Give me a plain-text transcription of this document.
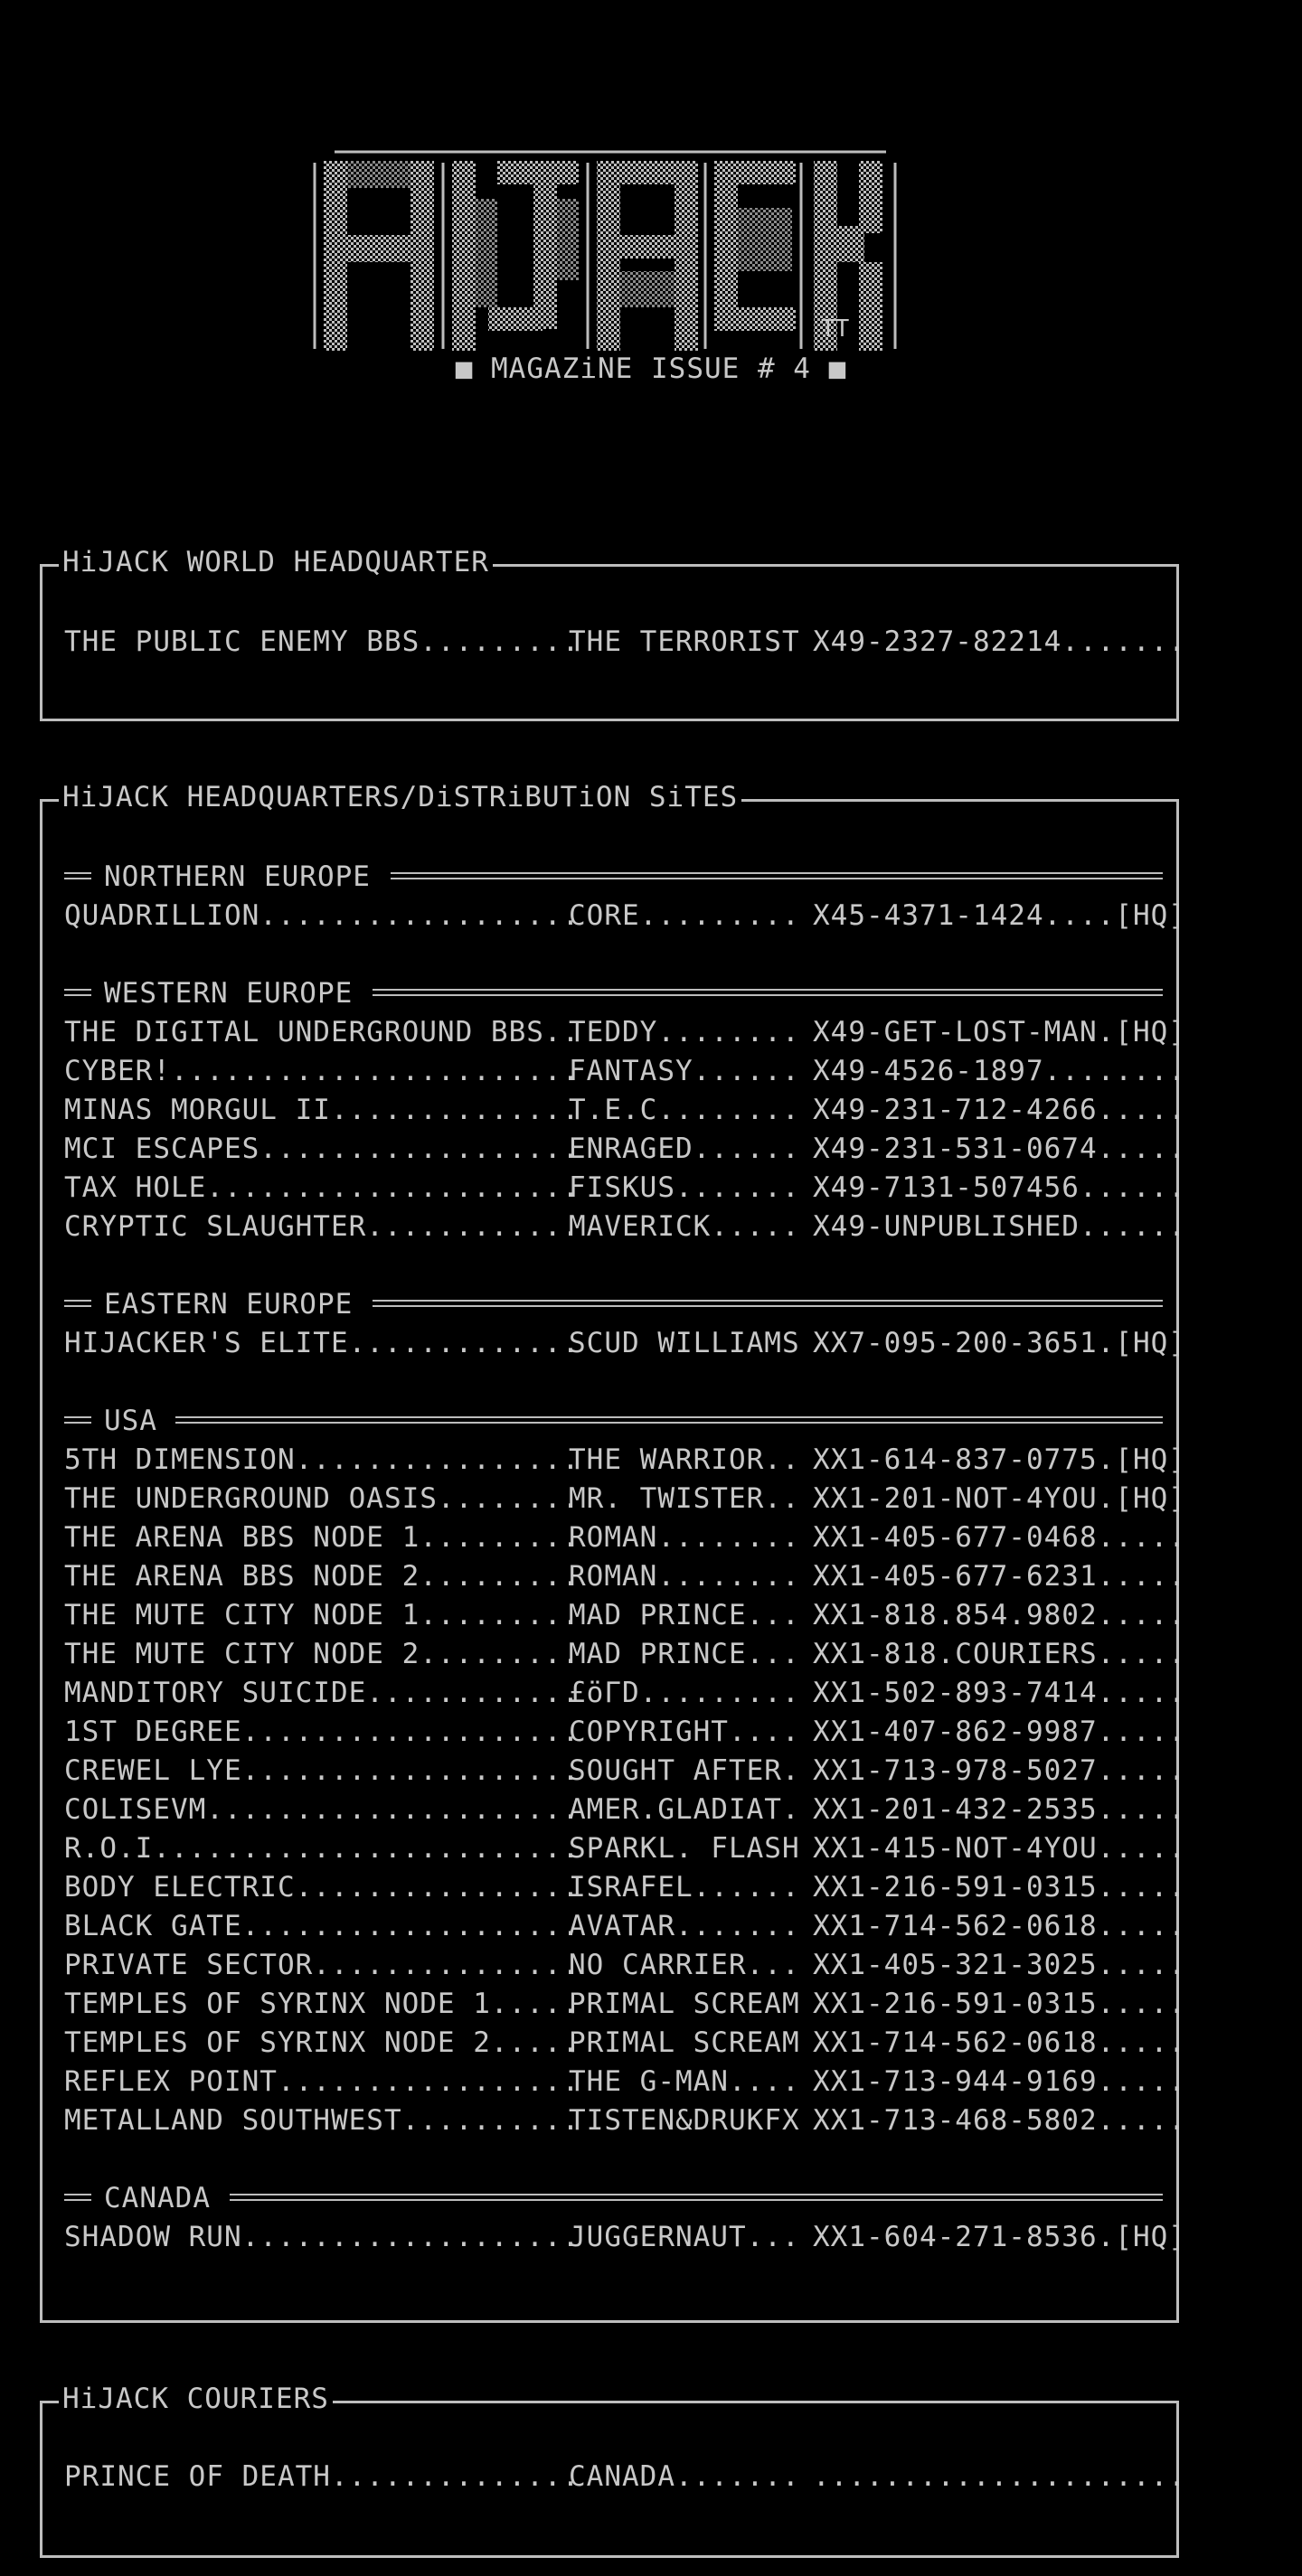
TT
■ MAGAZiNE ISSUE # 4 ■
HiJACK WORLD HEADQUARTER
THE PUBLIC ENEMY BBS.........
THE TERRORIST X49-2327-82214.......
HiJACK HEADQUARTERS/DiSTRiBUTiON SiTES
NORTHERN EUROPE
QUADRILLION..................
CORE......... X45-4371-1424....[HQ]
WESTERN EUROPE
THE DIGITAL UNDERGROUND BBS..
TEDDY........ X49-GET-LOST-MAN.[HQ]
CYBER!.......................
FANTASY...... X49-4526-1897........
MINAS MORGUL II..............
T.E.C........ X49-231-712-4266.....
MCI ESCAPES..................
ENRAGED...... X49-231-531-0674.....
TAX HOLE.....................
FISKUS....... X49-7131-507456......
CRYPTIC SLAUGHTER............
MAVERICK..... X49-UNPUBLISHED......
EASTERN EUROPE
HIJACKER'S ELITE.............
SCUD WILLIAMS XX7-095-200-3651.[HQ]
USA
5TH DIMENSION................
THE WARRIOR.. XX1-614-837-0775.[HQ]
THE UNDERGROUND OASIS........
MR. TWISTER.. XX1-201-NOT-4YOU.[HQ]
THE ARENA BBS NODE 1.........
ROMAN........ XX1-405-677-0468.....
THE ARENA BBS NODE 2.........
ROMAN........ XX1-405-677-6231.....
THE MUTE CITY NODE 1.........
MAD PRINCE... XX1-818.854.9802.....
THE MUTE CITY NODE 2.........
MAD PRINCE... XX1-818.COURIERS.....
MANDITORY SUICIDE............
£öΓD......... XX1-502-893-7414.....
1ST DEGREE...................
COPYRIGHT.... XX1-407-862-9987.....
CREWEL LYE...................
SOUGHT AFTER. XX1-713-978-5027.....
COLISEVM.....................
AMER.GLADIAT. XX1-201-432-2535.....
R.O.I........................
SPARKL. FLASH XX1-415-NOT-4YOU.....
BODY ELECTRIC................
ISRAFEL...... XX1-216-591-0315.....
BLACK GATE...................
AVATAR....... XX1-714-562-0618.....
PRIVATE SECTOR...............
NO CARRIER... XX1-405-321-3025.....
TEMPLES OF SYRINX NODE 1.....
PRIMAL SCREAM XX1-216-591-0315.....
TEMPLES OF SYRINX NODE 2.....
PRIMAL SCREAM XX1-714-562-0618.....
REFLEX POINT.................
THE G-MAN.... XX1-713-944-9169.....
METALLAND SOUTHWEST..........
TISTEN&DRUKFX XX1-713-468-5802.....
CANADA
SHADOW RUN...................
JUGGERNAUT... XX1-604-271-8536.[HQ]
HiJACK COURIERS
PRINCE OF DEATH..............
CANADA....... .....................
